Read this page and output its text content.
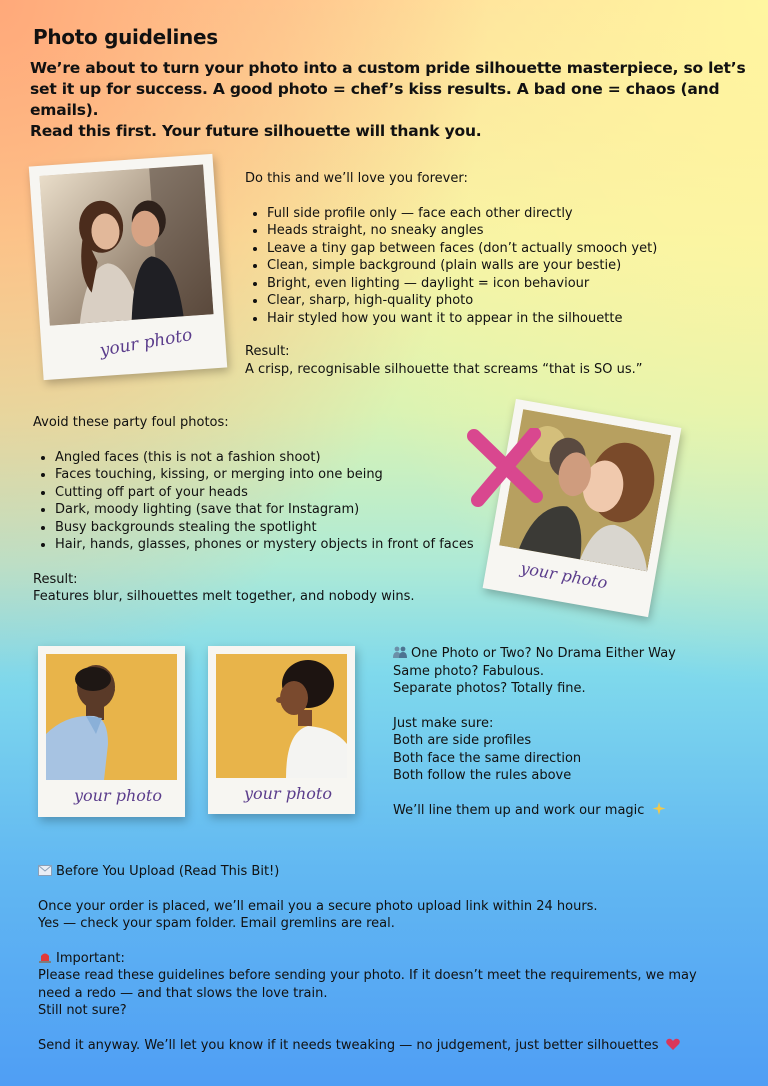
Photo guidelines

We’re about to turn your photo into a custom pride silhouette masterpiece, so let’s set it up for success. A good photo = chef’s kiss results. A bad one = chaos (and emails).

Read this first. Your future silhouette will thank you.

your photo

Do this and we’ll love you forever:

• Full side profile only — face each other directly
• Heads straight, no sneaky angles
• Leave a tiny gap between faces (don’t actually smooch yet)
• Clean, simple background (plain walls are your bestie)
• Bright, even lighting — daylight = icon behaviour
• Clear, sharp, high-quality photo
• Hair styled how you want it to appear in the silhouette

Result:

A crisp, recognisable silhouette that screams “that is SO us.”

Avoid these party foul photos:

• Angled faces (this is not a fashion shoot)
• Faces touching, kissing, or merging into one being
• Cutting off part of your heads
• Dark, moody lighting (save that for Instagram)
• Busy backgrounds stealing the spotlight
• Hair, hands, glasses, phones or mystery objects in front of faces

Result:

Features blur, silhouettes melt together, and nobody wins.

your photo
your photo	your photo

One Photo or Two? No Drama Either Way

Same photo? Fabulous.

Separate photos? Totally fine.

Just make sure:

Both are side profiles

Both face the same direction

Both follow the rules above

We’ll line them up and work our magic

Before You Upload (Read This Bit!)

Once your order is placed, we’ll email you a secure photo upload link within 24 hours.

Yes — check your spam folder. Email gremlins are real.

Important:

Please read these guidelines before sending your photo. If it doesn’t meet the requirements, we may need a redo — and that slows the love train.

Still not sure?

Send it anyway. We’ll let you know if it needs tweaking — no judgement, just better silhouettes
